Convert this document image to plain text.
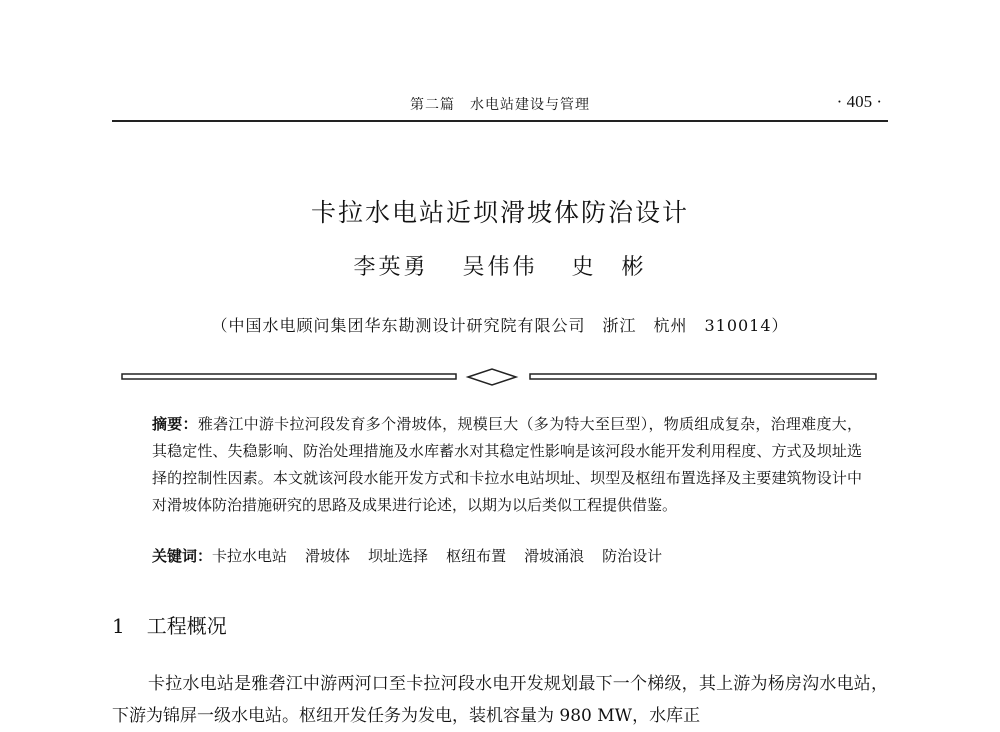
第二篇　水电站建设与管理	· 405 ·
卡拉水电站近坝滑坡体防治设计
李英勇 吴伟伟 史　彬
（中国水电顾问集团华东勘测设计研究院有限公司　浙江　杭州　310014）
摘要：雅砻江中游卡拉河段发育多个滑坡体，规模巨大（多为特大至巨型），物质组成复杂，治理难度大，其稳定性、失稳影响、防治处理措施及水库蓄水对其稳定性影响是该河段水能开发利用程度、方式及坝址选择的控制性因素。本文就该河段水能开发方式和卡拉水电站坝址、坝型及枢纽布置选择及主要建筑物设计中对滑坡体防治措施研究的思路及成果进行论述，以期为以后类似工程提供借鉴。
关键词：卡拉水电站 滑坡体 坝址选择 枢纽布置 滑坡涌浪 防治设计
1 工程概况

卡拉水电站是雅砻江中游两河口至卡拉河段水电开发规划最下一个梯级，其上游为杨房沟水电站，下游为锦屏一级水电站。枢纽开发任务为发电，装机容量为 980 MW，水库正
